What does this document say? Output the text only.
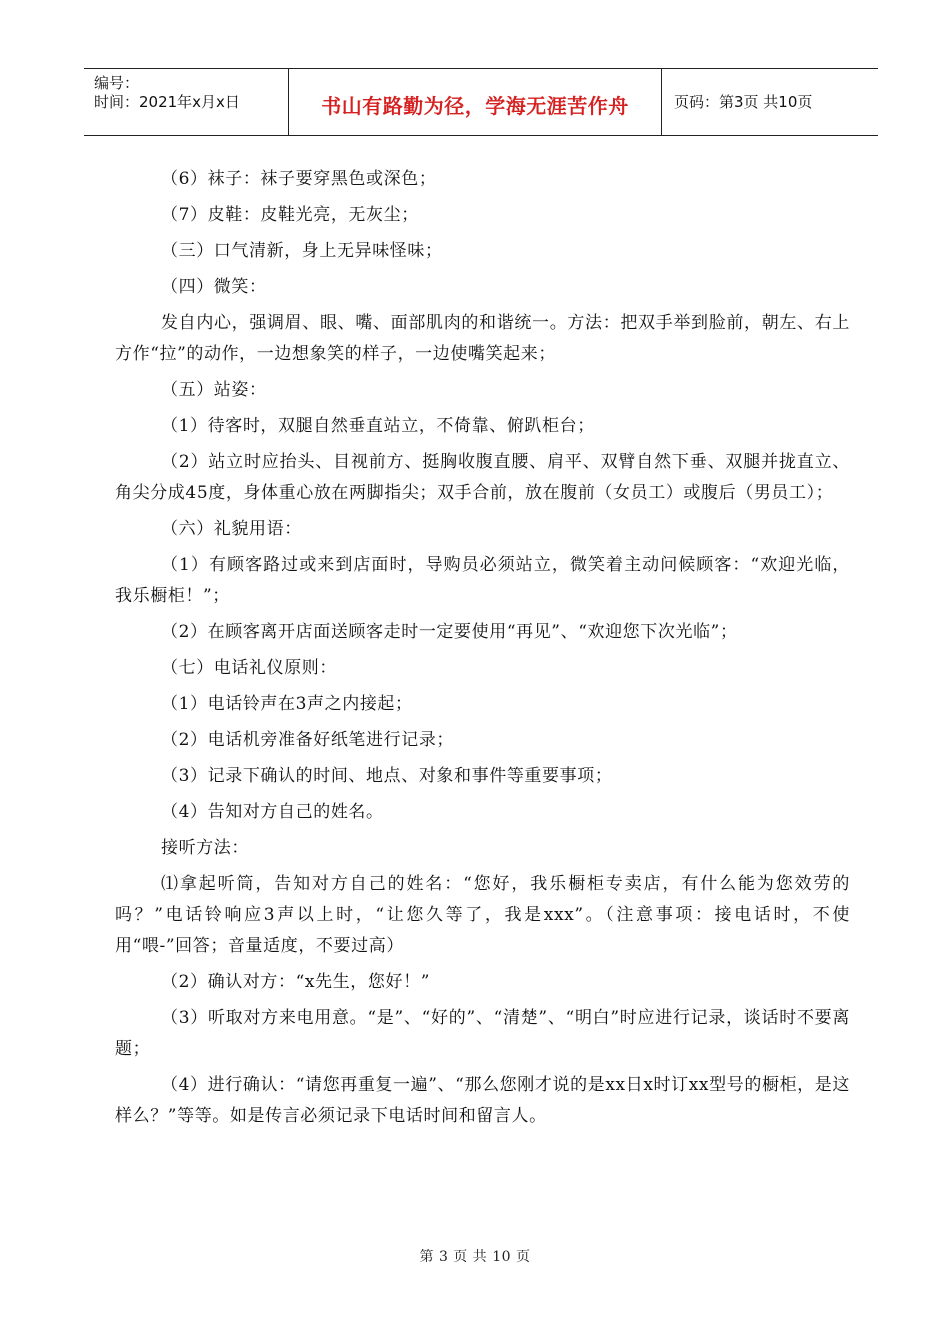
编号：
时间：2021年x月x日	书山有路勤为径，学海无涯苦作舟	页码：第3页 共10页

（6）袜子：袜子要穿黑色或深色；

（7）皮鞋：皮鞋光亮，无灰尘；

（三）口气清新，身上无异味怪味；

（四）微笑：

发自内心，强调眉、眼、嘴、面部肌肉的和谐统一。方法：把双手举到脸前，朝左、右上方作“拉”的动作，一边想象笑的样子，一边使嘴笑起来；

（五）站姿：

（1）待客时，双腿自然垂直站立，不倚靠、俯趴柜台；

（2）站立时应抬头、目视前方、挺胸收腹直腰、肩平、双臂自然下垂、双腿并拢直立、角尖分成45度，身体重心放在两脚指尖；双手合前，放在腹前（女员工）或腹后（男员工）；

（六）礼貌用语：

（1）有顾客路过或来到店面时，导购员必须站立，微笑着主动问候顾客：“欢迎光临，我乐橱柜！”；

（2）在顾客离开店面送顾客走时一定要使用“再见”、“欢迎您下次光临”；

（七）电话礼仪原则：

（1）电话铃声在3声之内接起；

（2）电话机旁准备好纸笔进行记录；

（3）记录下确认的时间、地点、对象和事件等重要事项；

（4）告知对方自己的姓名。

接听方法：

⑴拿起听筒，告知对方自己的姓名：“您好，我乐橱柜专卖店，有什么能为您效劳的吗？”电话铃响应3声以上时，“让您久等了，我是xxx”。（注意事项：接电话时，不使用“喂-”回答；音量适度，不要过高）

（2）确认对方：“x先生，您好！”

（3）听取对方来电用意。“是”、“好的”、“清楚”、“明白”时应进行记录，谈话时不要离题；

（4）进行确认：“请您再重复一遍”、“那么您刚才说的是xx日x时订xx型号的橱柜，是这样么？”等等。如是传言必须记录下电话时间和留言人。

第 3 页 共 10 页
